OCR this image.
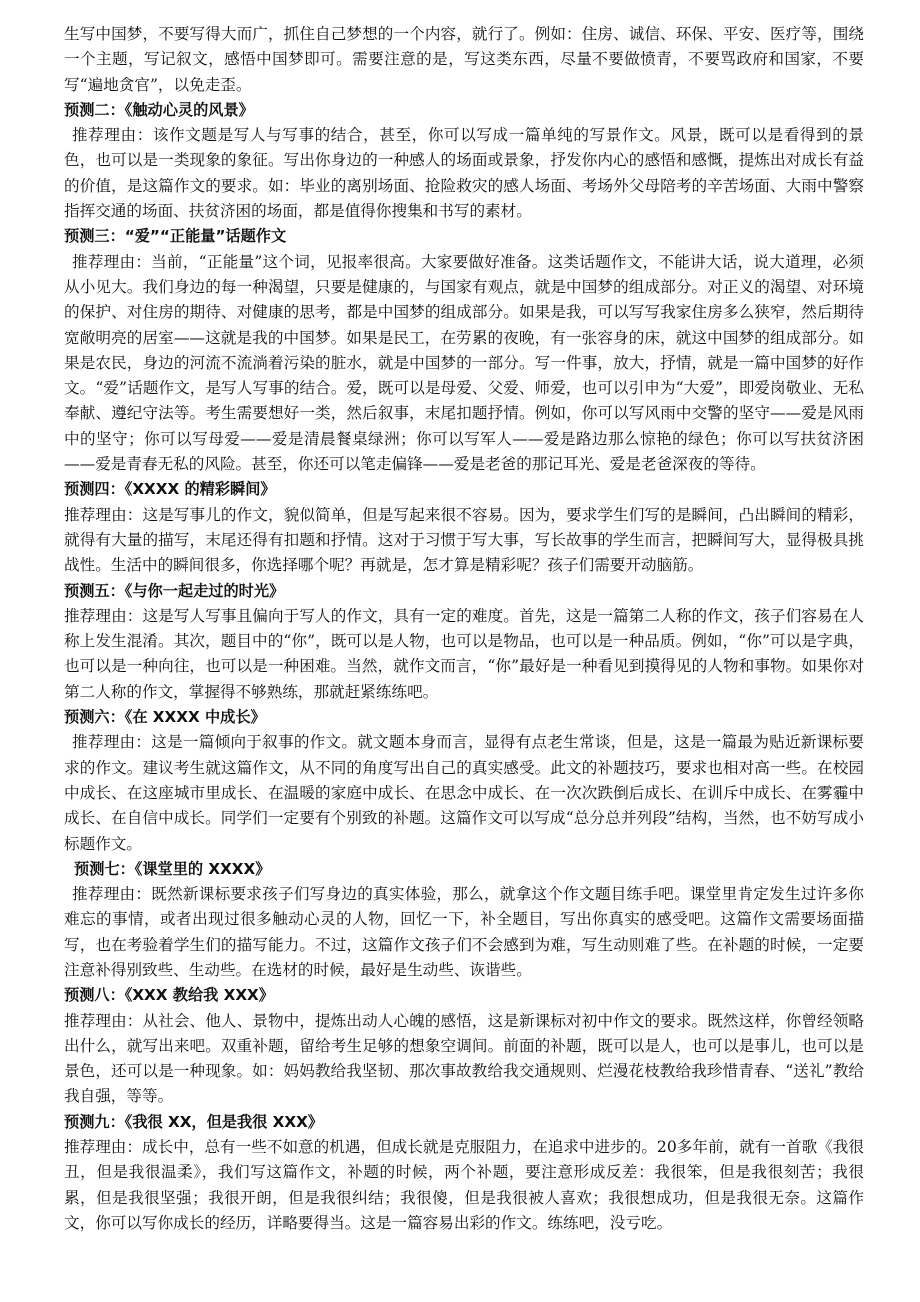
生写中国梦，不要写得大而广，抓住自己梦想的一个内容，就行了。例如：住房、诚信、环保、平安、医疗等，围绕一个主题，写记叙文，感悟中国梦即可。需要注意的是，写这类东西，尽量不要做愤青，不要骂政府和国家，不要写“遍地贪官”，以免走歪。

预测二：《触动心灵的风景》

推荐理由：该作文题是写人与写事的结合，甚至，你可以写成一篇单纯的写景作文。风景，既可以是看得到的景色，也可以是一类现象的象征。写出你身边的一种感人的场面或景象，抒发你内心的感悟和感慨，提炼出对成长有益的价值，是这篇作文的要求。如：毕业的离别场面、抢险救灾的感人场面、考场外父母陪考的辛苦场面、大雨中警察指挥交通的场面、扶贫济困的场面，都是值得你搜集和书写的素材。

预测三：“爱”“正能量”话题作文

推荐理由：当前，“正能量”这个词，见报率很高。大家要做好准备。这类话题作文，不能讲大话，说大道理，必须从小见大。我们身边的每一种渴望，只要是健康的，与国家有观点，就是中国梦的组成部分。对正义的渴望、对环境的保护、对住房的期待、对健康的思考，都是中国梦的组成部分。如果是我，可以写写我家住房多么狭窄，然后期待宽敞明亮的居室——这就是我的中国梦。如果是民工，在劳累的夜晚，有一张容身的床，就这中国梦的组成部分。如果是农民，身边的河流不流淌着污染的脏水，就是中国梦的一部分。写一件事，放大，抒情，就是一篇中国梦的好作文。“爱”话题作文，是写人写事的结合。爱，既可以是母爱、父爱、师爱，也可以引申为“大爱”，即爱岗敬业、无私奉献、遵纪守法等。考生需要想好一类，然后叙事，末尾扣题抒情。例如，你可以写风雨中交警的坚守——爱是风雨中的坚守；你可以写母爱——爱是清晨餐桌绿洲；你可以写军人——爱是路边那么惊艳的绿色；你可以写扶贫济困——爱是青春无私的风险。甚至，你还可以笔走偏锋——爱是老爸的那记耳光、爱是老爸深夜的等待。

预测四：《XXXX 的精彩瞬间》

推荐理由：这是写事儿的作文，貌似简单，但是写起来很不容易。因为，要求学生们写的是瞬间，凸出瞬间的精彩，就得有大量的描写，末尾还得有扣题和抒情。这对于习惯于写大事，写长故事的学生而言，把瞬间写大，显得极具挑战性。生活中的瞬间很多，你选择哪个呢？再就是，怎才算是精彩呢？孩子们需要开动脑筋。

预测五：《与你一起走过的时光》

推荐理由：这是写人写事且偏向于写人的作文，具有一定的难度。首先，这是一篇第二人称的作文，孩子们容易在人称上发生混淆。其次，题目中的“你”，既可以是人物，也可以是物品，也可以是一种品质。例如，“你”可以是字典，也可以是一种向往，也可以是一种困难。当然，就作文而言，“你”最好是一种看见到摸得见的人物和事物。如果你对第二人称的作文，掌握得不够熟练，那就赶紧练练吧。

预测六：《在 XXXX 中成长》

推荐理由：这是一篇倾向于叙事的作文。就文题本身而言，显得有点老生常谈，但是，这是一篇最为贴近新课标要求的作文。建议考生就这篇作文，从不同的角度写出自己的真实感受。此文的补题技巧，要求也相对高一些。在校园中成长、在这座城市里成长、在温暖的家庭中成长、在思念中成长、在一次次跌倒后成长、在训斥中成长、在雾霾中成长、在自信中成长。同学们一定要有个别致的补题。这篇作文可以写成“总分总并列段”结构，当然，也不妨写成小标题作文。

预测七：《课堂里的 XXXX》

推荐理由：既然新课标要求孩子们写身边的真实体验，那么，就拿这个作文题目练手吧。课堂里肯定发生过许多你难忘的事情，或者出现过很多触动心灵的人物，回忆一下，补全题目，写出你真实的感受吧。这篇作文需要场面描写，也在考验着学生们的描写能力。不过，这篇作文孩子们不会感到为难，写生动则难了些。在补题的时候，一定要注意补得别致些、生动些。在选材的时候，最好是生动些、诙谐些。

预测八：《XXX 教给我 XXX》

推荐理由：从社会、他人、景物中，提炼出动人心魄的感悟，这是新课标对初中作文的要求。既然这样，你曾经领略出什么，就写出来吧。双重补题，留给考生足够的想象空调间。前面的补题，既可以是人，也可以是事儿，也可以是景色，还可以是一种现象。如：妈妈教给我坚韧、那次事故教给我交通规则、烂漫花枝教给我珍惜青春、“送礼”教给我自强，等等。

预测九：《我很 XX，但是我很 XXX》

推荐理由：成长中，总有一些不如意的机遇，但成长就是克服阻力，在追求中进步的。20多年前，就有一首歌《我很丑，但是我很温柔》，我们写这篇作文，补题的时候，两个补题，要注意形成反差：我很笨，但是我很刻苦；我很累，但是我很坚强；我很开朗，但是我很纠结；我很傻，但是我很被人喜欢；我很想成功，但是我很无奈。这篇作文，你可以写你成长的经历，详略要得当。这是一篇容易出彩的作文。练练吧，没亏吃。
